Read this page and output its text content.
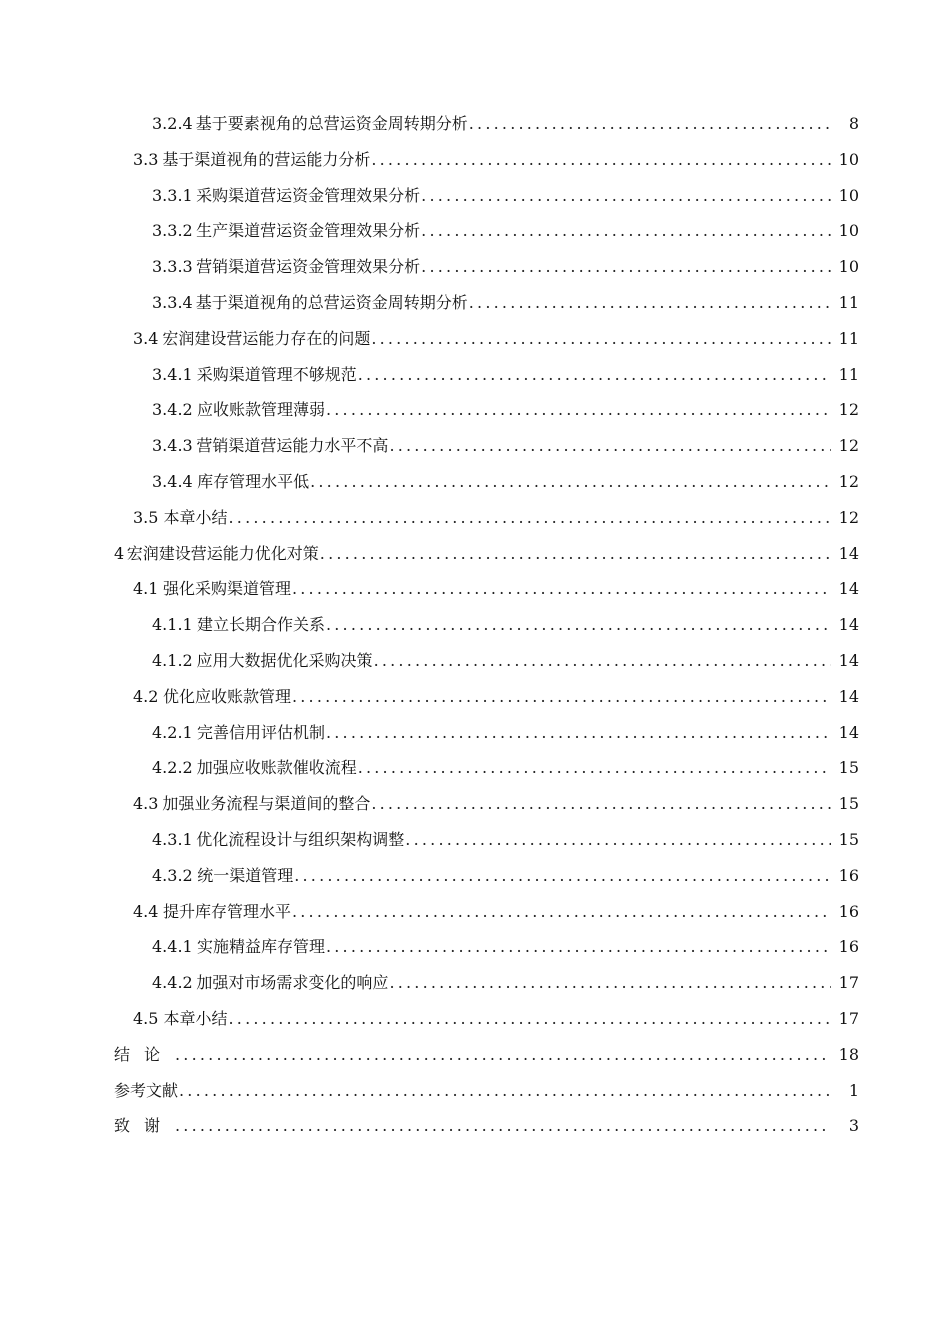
3.2.4 基于要素视角的总营运资金周转期分析 .....	8
3.3 基于渠道视角的营运能力分析 .....	10
3.3.1 采购渠道营运资金管理效果分析 .....	10
3.3.2 生产渠道营运资金管理效果分析 .....	10
3.3.3 营销渠道营运资金管理效果分析 .....	10
3.3.4 基于渠道视角的总营运资金周转期分析 .....	11
3.4 宏润建设营运能力存在的问题 .....	11
3.4.1 采购渠道管理不够规范 .....	11
3.4.2 应收账款管理薄弱 .....	12
3.4.3 营销渠道营运能力水平不高 .....	12
3.4.4 库存管理水平低 .....	12
3.5 本章小结 .....	12
4 宏润建设营运能力优化对策 .....	14
4.1 强化采购渠道管理 .....	14
4.1.1 建立长期合作关系 .....	14
4.1.2 应用大数据优化采购决策 .....	14
4.2 优化应收账款管理 .....	14
4.2.1 完善信用评估机制 .....	14
4.2.2 加强应收账款催收流程 .....	15
4.3 加强业务流程与渠道间的整合 .....	15
4.3.1 优化流程设计与组织架构调整 .....	15
4.3.2 统一渠道管理 .....	16
4.4 提升库存管理水平 .....	16
4.4.1 实施精益库存管理 .....	16
4.4.2 加强对市场需求变化的响应 .....	17
4.5 本章小结 .....	17
结论 .....	18
参考文献 .....	1
致谢 .....	3
